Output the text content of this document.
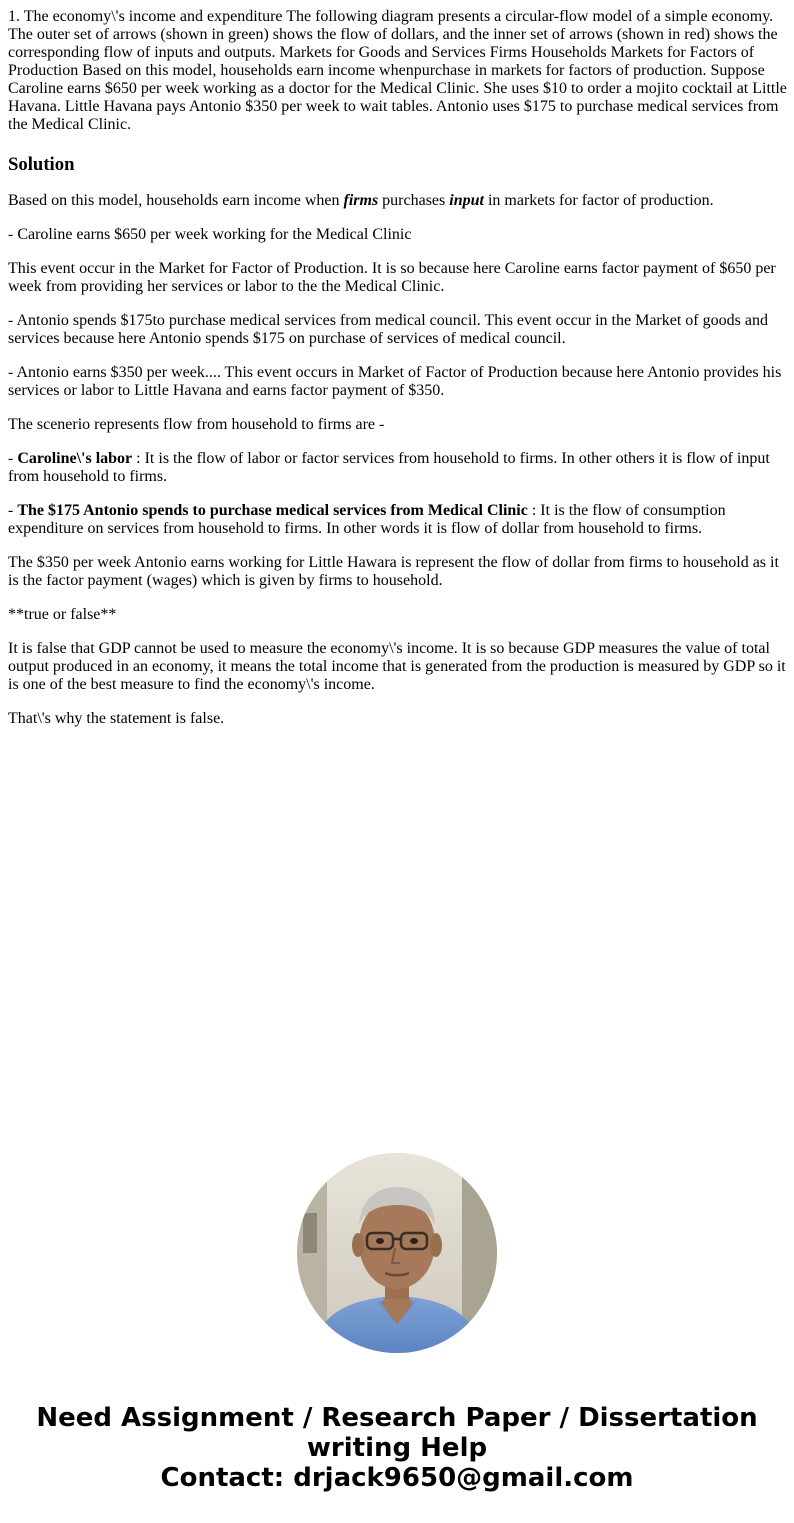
1. The economy\'s income and expenditure The following diagram presents a circular-flow model of a simple economy. The outer set of arrows (shown in green) shows the flow of dollars, and the inner set of arrows (shown in red) shows the corresponding flow of inputs and outputs. Markets for Goods and Services Firms Households Markets for Factors of Production Based on this model, households earn income whenpurchase in markets for factors of production. Suppose Caroline earns $650 per week working as a doctor for the Medical Clinic. She uses $10 to order a mojito cocktail at Little Havana. Little Havana pays Antonio $350 per week to wait tables. Antonio uses $175 to purchase medical services from the Medical Clinic.
Solution

Based on this model, households earn income when firms purchases input in markets for factor of production.

- Caroline earns $650 per week working for the Medical Clinic

This event occur in the Market for Factor of Production. It is so because here Caroline earns factor payment of $650 per week from providing her services or labor to the the Medical Clinic.

- Antonio spends $175to purchase medical services from medical council. This event occur in the Market of goods and services because here Antonio spends $175 on purchase of services of medical council.

- Antonio earns $350 per week.... This event occurs in Market of Factor of Production because here Antonio provides his services or labor to Little Havana and earns factor payment of $350.

The scenerio represents flow from household to firms are -

- Caroline\'s labor : It is the flow of labor or factor services from household to firms. In other others it is flow of input from household to firms.

- The $175 Antonio spends to purchase medical services from Medical Clinic : It is the flow of consumption expenditure on services from household to firms. In other words it is flow of dollar from household to firms.

The $350 per week Antonio earns working for Little Hawara is represent the flow of dollar from firms to household as it is the factor payment (wages) which is given by firms to household.

**true or false**

It is false that GDP cannot be used to measure the economy\'s income. It is so because GDP measures the value of total output produced in an economy, it means the total income that is generated from the production is measured by GDP so it is one of the best measure to find the economy\'s income.

That\'s why the statement is false.

Need Assignment / Research Paper / Dissertation
writing Help
Contact: drjack9650@gmail.com
